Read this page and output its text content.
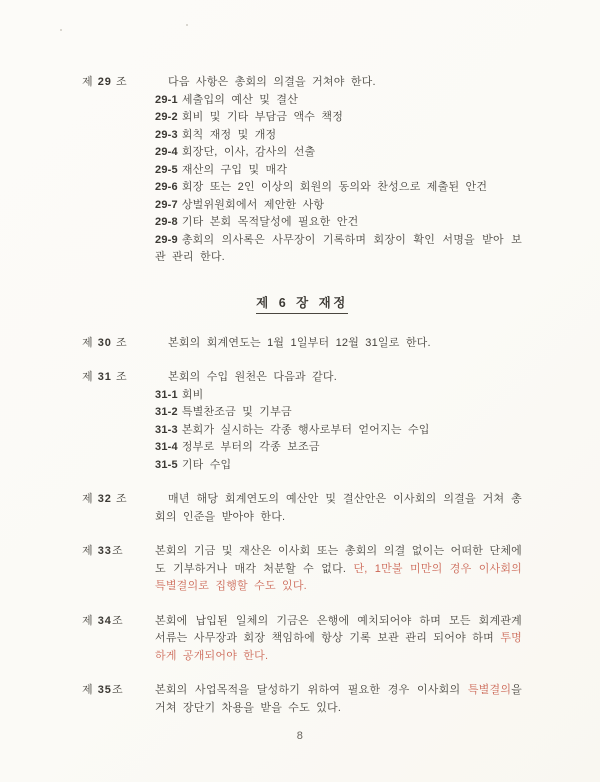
제 29 조	다음 사항은 총회의 의결을 거쳐야 한다.

29-1 세출입의 예산 및 결산

29-2 회비 및 기타 부담금 액수 책정

29-3 회칙 재정 및 개정

29-4 회장단, 이사, 감사의 선출

29-5 재산의 구입 및 매각

29-6 회장 또는 2인 이상의 회원의 동의와 찬성으로 제출된 안건

29-7 상벌위원회에서 제안한 사항

29-8 기타 본회 목적달성에 필요한 안건

29-9 총회의 의사록은 사무장이 기록하며 회장이 확인 서명을 받아 보관 관리 한다.

제 6 장 재정
제 30 조	본회의 회계연도는 1월 1일부터 12월 31일로 한다.

제 31 조	본회의 수입 원천은 다음과 같다.

31-1 회비

31-2 특별찬조금 및 기부금

31-3 본회가 실시하는 각종 행사로부터 얻어지는 수입

31-4 정부로 부터의 각종 보조금

31-5 기타 수입

제 32 조	매년 해당 회계연도의 예산안 및 결산안은 이사회의 의결을 거쳐 총회의 인준을 받아야 한다.

제 33조	본회의 기금 및 재산은 이사회 또는 총회의 의결 없이는 어떠한 단체에도 기부하거나 매각 처분할 수 없다. 단, 1만불 미만의 경우 이사회의 특별결의로 집행할 수도 있다.

제 34조	본회에 납입된 일체의 기금은 은행에 예치되어야 하며 모든 회계관계 서류는 사무장과 회장 책임하에 항상 기록 보관 관리 되어야 하며 투명하게 공개되어야 한다.

제 35조	본회의 사업목적을 달성하기 위하여 필요한 경우 이사회의 특별결의을 거쳐 장단기 차용을 받을 수도 있다.

8
